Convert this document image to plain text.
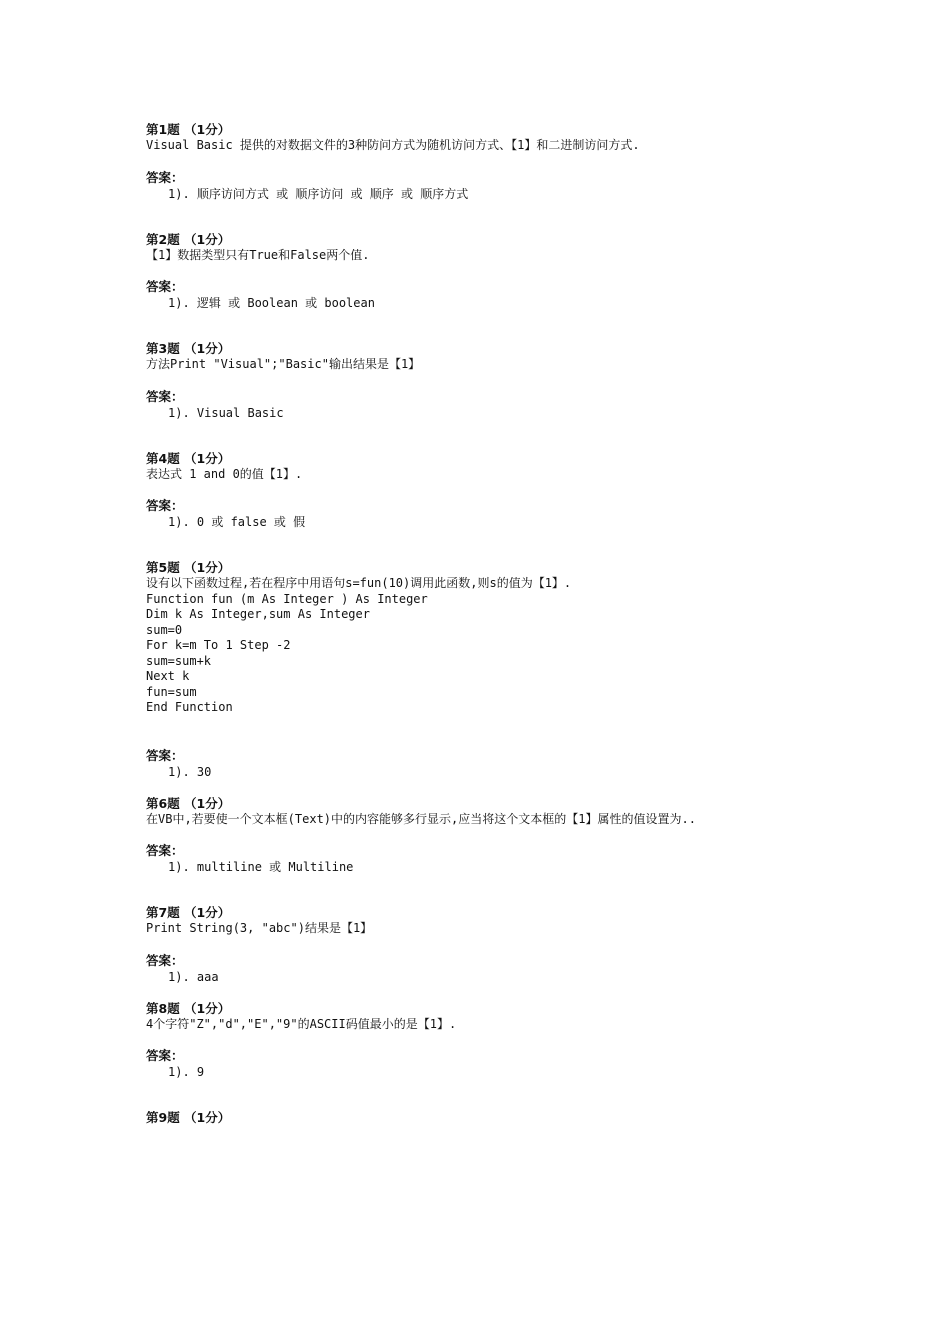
第1题 （1分）
Visual Basic 提供的对数据文件的3种防问方式为随机访问方式、【1】和二进制访问方式.
答案：
1). 顺序访问方式 或 顺序访问 或 顺序 或 顺序方式
第2题 （1分）
【1】数据类型只有True和False两个值.
答案：
1). 逻辑 或 Boolean 或 boolean
第3题 （1分）
方法Print "Visual";"Basic"输出结果是【1】
答案：
1). Visual Basic
第4题 （1分）
表达式 1 and 0的值【1】.
答案：
1). 0 或 false 或 假
第5题 （1分）
设有以下函数过程,若在程序中用语句s=fun(10)调用此函数,则s的值为【1】.
Function fun (m As Integer ) As Integer
Dim k As Integer,sum As Integer
sum=0
For k=m To 1 Step -2
sum=sum+k
Next k
fun=sum
End Function
答案：
1). 30
第6题 （1分）
在VB中,若要使一个文本框(Text)中的内容能够多行显示,应当将这个文本框的【1】属性的值设置为..
答案：
1). multiline 或 Multiline
第7题 （1分）
Print String(3, "abc")结果是【1】
答案：
1). aaa
第8题 （1分）
4个字符"Z","d","E","9"的ASCII码值最小的是【1】.
答案：
1). 9
第9题 （1分）
